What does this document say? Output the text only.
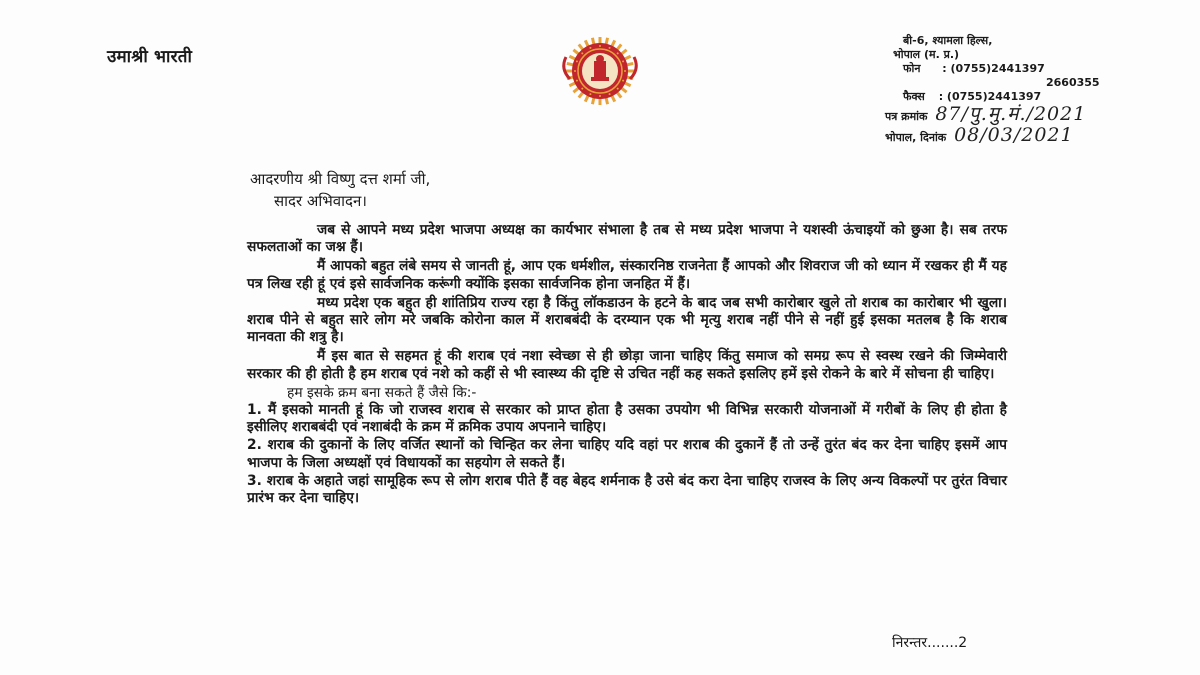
उमाश्री भारती
बी-6, श्यामला हिल्स,
भोपाल (म. प्र.)
फोन : (0755)2441397
2660355
फैक्स : (0755)2441397
पत्र क्रमांक 87/पु.मु.मं./2021
भोपाल, दिनांक 08/03/2021
आदरणीय श्री विष्णु दत्त शर्मा जी,
सादर अभिवादन।

जब से आपने मध्य प्रदेश भाजपा अध्यक्ष का कार्यभार संभाला है तब से मध्य प्रदेश भाजपा ने यशस्वी ऊंचाइयों को छुआ है। सब तरफ सफलताओं का जश्न हैं।

मैं आपको बहुत लंबे समय से जानती हूं, आप एक धर्मशील, संस्कारनिष्ठ राजनेता हैं आपको और शिवराज जी को ध्यान में रखकर ही मैं यह पत्र लिख रही हूं एवं इसे सार्वजनिक करूंगी क्योंकि इसका सार्वजनिक होना जनहित में हैं।

मध्य प्रदेश एक बहुत ही शांतिप्रिय राज्य रहा है किंतु लॉकडाउन के हटने के बाद जब सभी कारोबार खुले तो शराब का कारोबार भी खुला। शराब पीने से बहुत सारे लोग मरे जबकि कोरोना काल में शराबबंदी के दरम्यान एक भी मृत्यु शराब नहीं पीने से नहीं हुई इसका मतलब है कि शराब मानवता की शत्रु है।

मैं इस बात से सहमत हूं की शराब एवं नशा स्वेच्छा से ही छोड़ा जाना चाहिए किंतु समाज को समग्र रूप से स्वस्थ रखने की जिम्मेवारी सरकार की ही होती है हम शराब एवं नशे को कहीं से भी स्वास्थ्य की दृष्टि से उचित नहीं कह सकते इसलिए हमें इसे रोकने के बारे में सोचना ही चाहिए।

हम इसके क्रम बना सकते हैं जैसे कि:-

1. मैं इसको मानती हूं कि जो राजस्व शराब से सरकार को प्राप्त होता है उसका उपयोग भी विभिन्न सरकारी योजनाओं में गरीबों के लिए ही होता है इसीलिए शराबबंदी एवं नशाबंदी के क्रम में क्रमिक उपाय अपनाने चाहिए।

2. शराब की दुकानों के लिए वर्जित स्थानों को चिन्हित कर लेना चाहिए यदि वहां पर शराब की दुकानें हैं तो उन्हें तुरंत बंद कर देना चाहिए इसमें आप भाजपा के जिला अध्यक्षों एवं विधायकों का सहयोग ले सकते हैं।

3. शराब के अहाते जहां सामूहिक रूप से लोग शराब पीते हैं वह बेहद शर्मनाक है उसे बंद करा देना चाहिए राजस्व के लिए अन्य विकल्पों पर तुरंत विचार प्रारंभ कर देना चाहिए।

निरन्तर.......2
